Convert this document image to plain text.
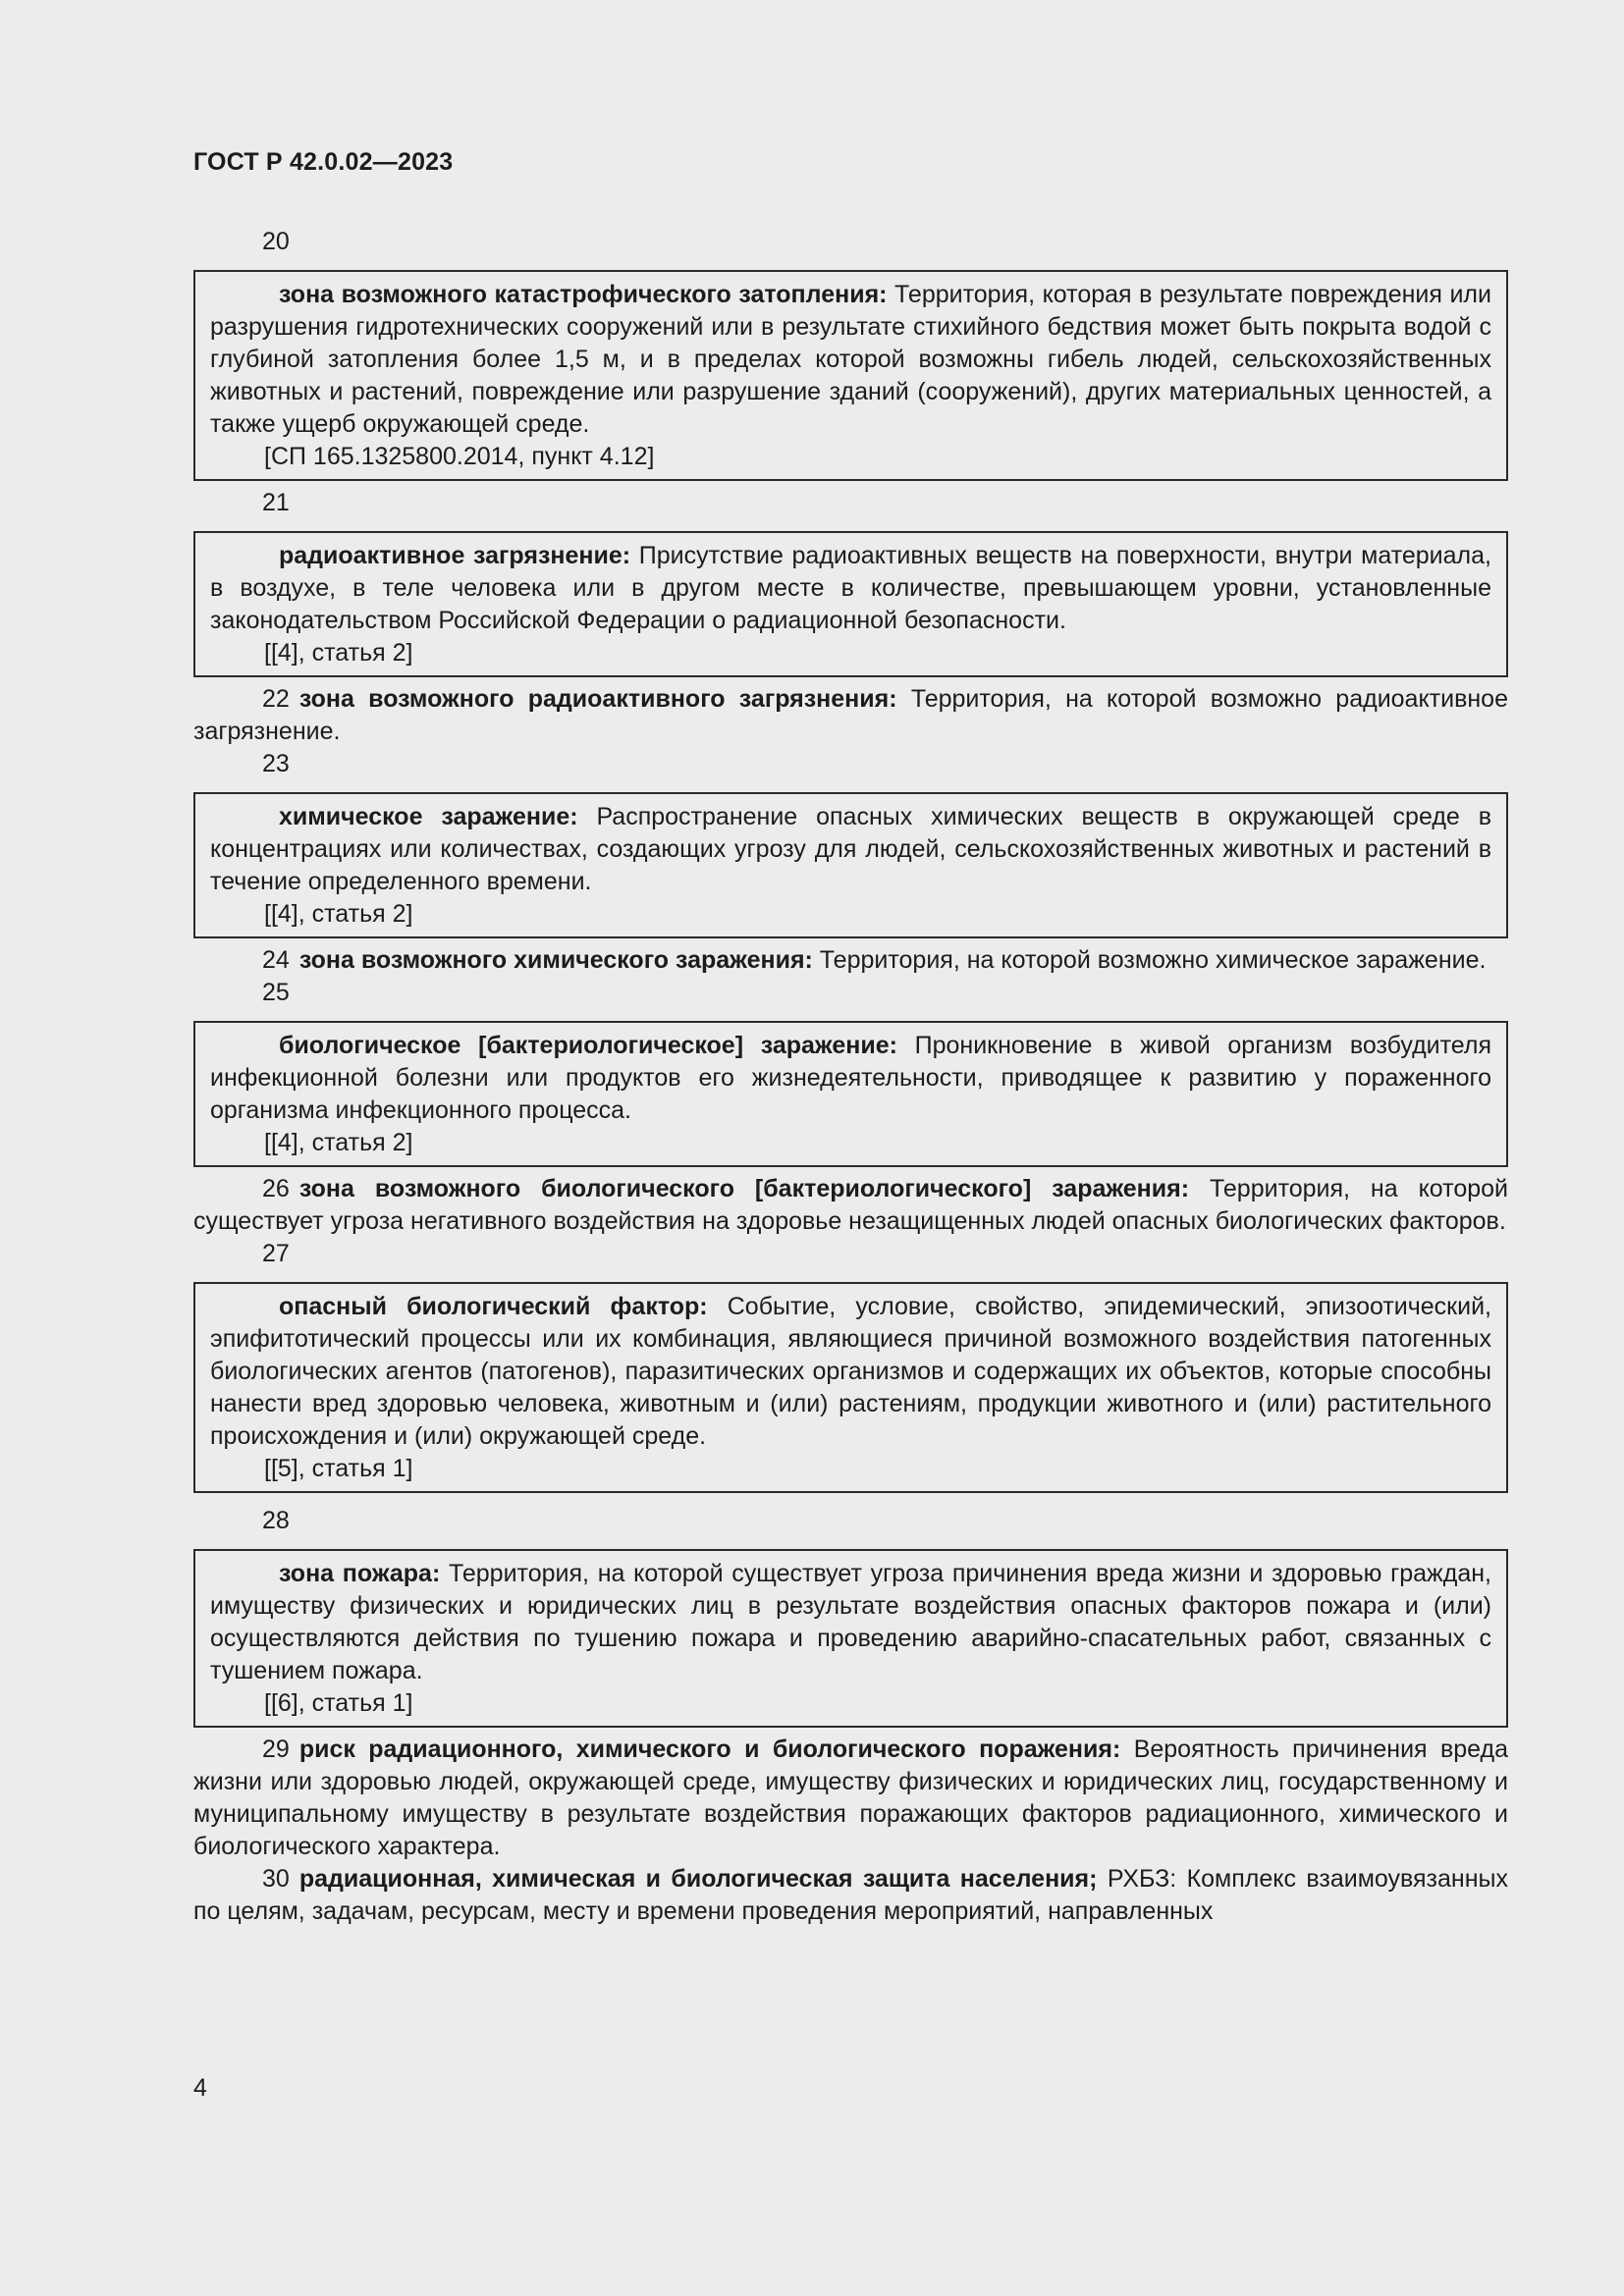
ГОСТ Р 42.0.02—2023
20

зона возможного катастрофического затопления: Территория, которая в результате повреждения или разрушения гидротехнических сооружений или в результате стихийного бедствия может быть покрыта водой с глубиной затопления более 1,5 м, и в пределах которой возможны гибель людей, сельскохозяйственных животных и растений, повреждение или разрушение зданий (сооружений), других материальных ценностей, а также ущерб окружающей среде.

[СП 165.1325800.2014, пункт 4.12]
21

радиоактивное загрязнение: Присутствие радиоактивных веществ на поверхности, внутри материала, в воздухе, в теле человека или в другом месте в количестве, превышающем уровни, установленные законодательством Российской Федерации о радиационной безопасности.

[[4], статья 2]

22 зона возможного радиоактивного загрязнения: Территория, на которой возможно радиоактивное загрязнение.

23

химическое заражение: Распространение опасных химических веществ в окружающей среде в концентрациях или количествах, создающих угрозу для людей, сельскохозяйственных животных и растений в течение определенного времени.

[[4], статья 2]

24 зона возможного химического заражения: Территория, на которой возможно химическое заражение.

25

биологическое [бактериологическое] заражение: Проникновение в живой организм возбудителя инфекционной болезни или продуктов его жизнедеятельности, приводящее к развитию у пораженного организма инфекционного процесса.

[[4], статья 2]

26 зона возможного биологического [бактериологического] заражения: Территория, на которой существует угроза негативного воздействия на здоровье незащищенных людей опасных биологических факторов.

27

опасный биологический фактор: Событие, условие, свойство, эпидемический, эпизоотический, эпифитотический процессы или их комбинация, являющиеся причиной возможного воздействия патогенных биологических агентов (патогенов), паразитических организмов и содержащих их объектов, которые способны нанести вред здоровью человека, животным и (или) растениям, продукции животного и (или) растительного происхождения и (или) окружающей среде.

[[5], статья 1]
28

зона пожара: Территория, на которой существует угроза причинения вреда жизни и здоровью граждан, имуществу физических и юридических лиц в результате воздействия опасных факторов пожара и (или) осуществляются действия по тушению пожара и проведению аварийно-спасательных работ, связанных с тушением пожара.

[[6], статья 1]

29 риск радиационного, химического и биологического поражения: Вероятность причинения вреда жизни или здоровью людей, окружающей среде, имуществу физических и юридических лиц, государственному и муниципальному имуществу в результате воздействия поражающих факторов радиационного, химического и биологического характера.

30 радиационная, химическая и биологическая защита населения; РХБЗ: Комплекс взаимоувязанных по целям, задачам, ресурсам, месту и времени проведения мероприятий, направленных

4
